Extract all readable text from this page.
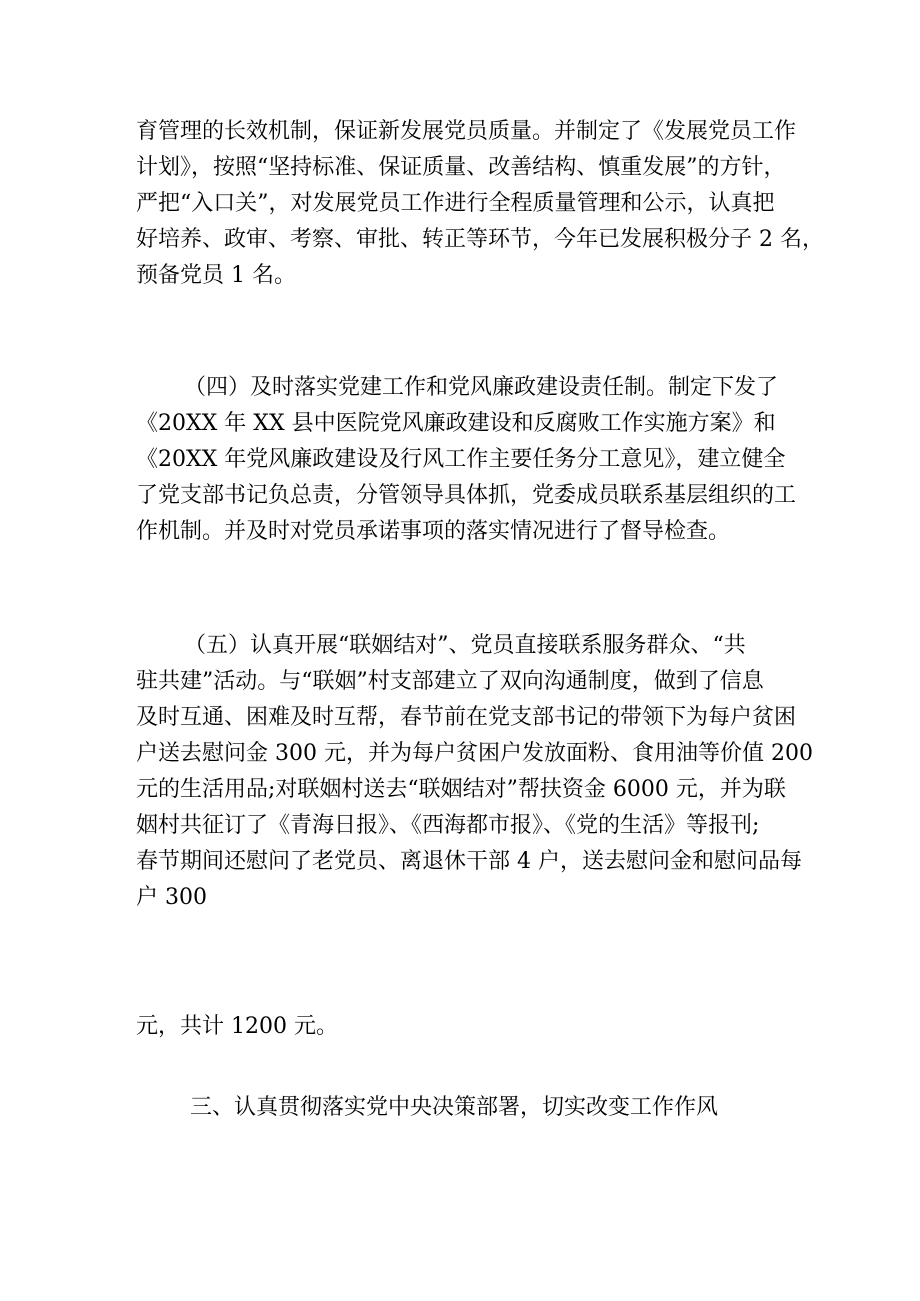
育管理的长效机制，保证新发展党员质量。并制定了《发展党员工作
计划》，按照“坚持标准、保证质量、改善结构、慎重发展”的方针，
严把“入口关”，对发展党员工作进行全程质量管理和公示，认真把
好培养、政审、考察、审批、转正等环节，今年已发展积极分子 2 名，
预备党员 1 名。
（四）及时落实党建工作和党风廉政建设责任制。制定下发了
《20XX 年 XX 县中医院党风廉政建设和反腐败工作实施方案》和
《20XX 年党风廉政建设及行风工作主要任务分工意见》，建立健全
了党支部书记负总责，分管领导具体抓，党委成员联系基层组织的工
作机制。并及时对党员承诺事项的落实情况进行了督导检查。
（五）认真开展“联姻结对”、党员直接联系服务群众、“共
驻共建”活动。与“联姻”村支部建立了双向沟通制度，做到了信息
及时互通、困难及时互帮，春节前在党支部书记的带领下为每户贫困
户送去慰问金 300 元，并为每户贫困户发放面粉、食用油等价值 200
元的生活用品;对联姻村送去“联姻结对”帮扶资金 6000 元，并为联
姻村共征订了《青海日报》、《西海都市报》、《党的生活》等报刊;
春节期间还慰问了老党员、离退休干部 4 户，送去慰问金和慰问品每
户 300
元，共计 1200 元。
三、认真贯彻落实党中央决策部署，切实改变工作作风
